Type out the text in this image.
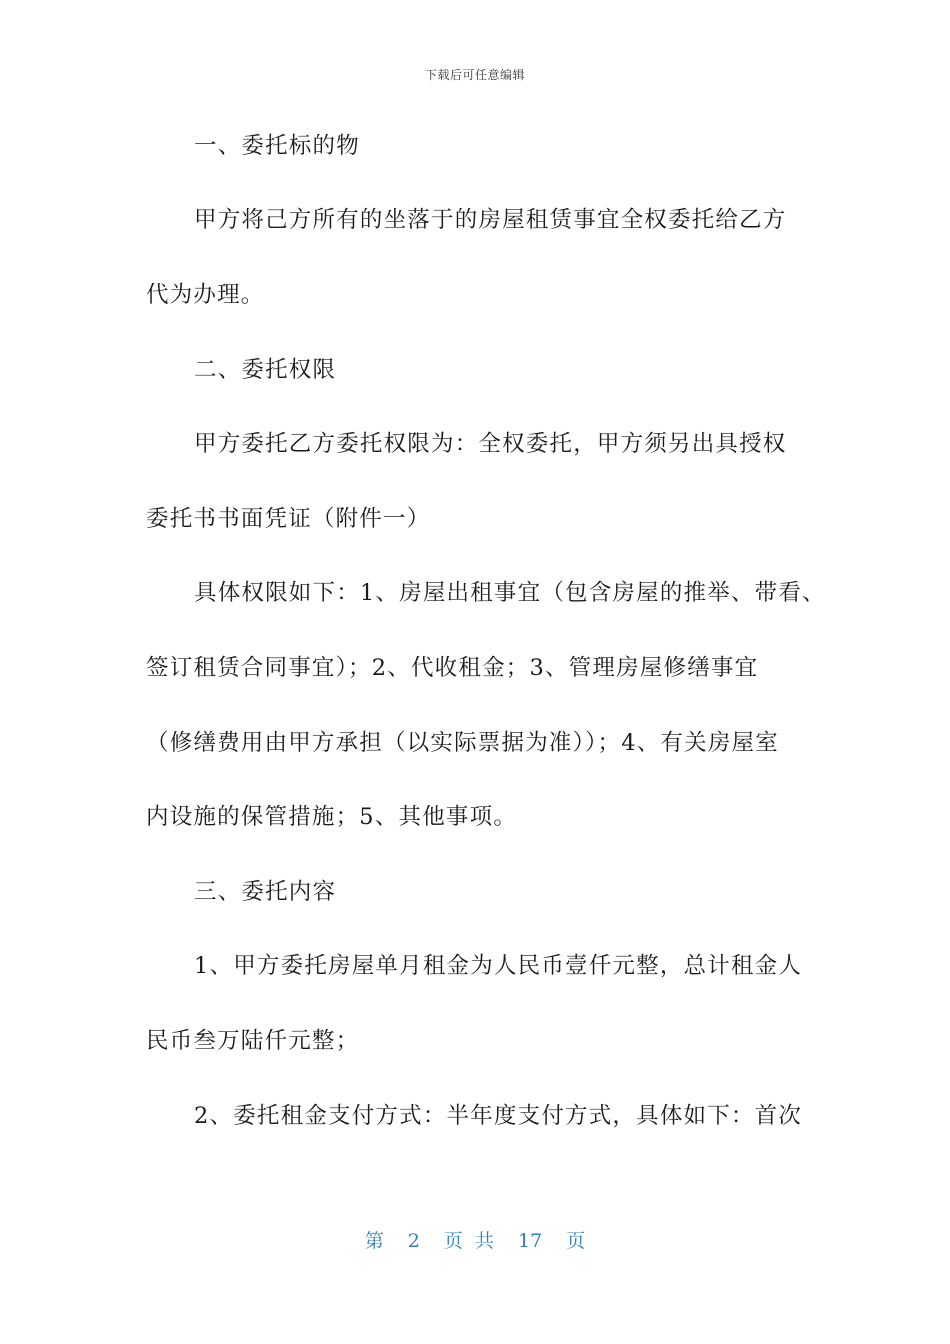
下载后可任意编辑
一、委托标的物
甲方将己方所有的坐落于的房屋租赁事宜全权委托给乙方
代为办理。
二、委托权限
甲方委托乙方委托权限为：全权委托，甲方须另出具授权
委托书书面凭证（附件一）
具体权限如下：1、房屋出租事宜（包含房屋的推举、带看、
签订租赁合同事宜）；2、代收租金；3、管理房屋修缮事宜
（修缮费用由甲方承担（以实际票据为准））；4、有关房屋室
内设施的保管措施；5、其他事项。
三、委托内容
1、甲方委托房屋单月租金为人民币壹仟元整，总计租金人
民币叁万陆仟元整；
2、委托租金支付方式：半年度支付方式，具体如下：首次
第 2 页 共 17 页
